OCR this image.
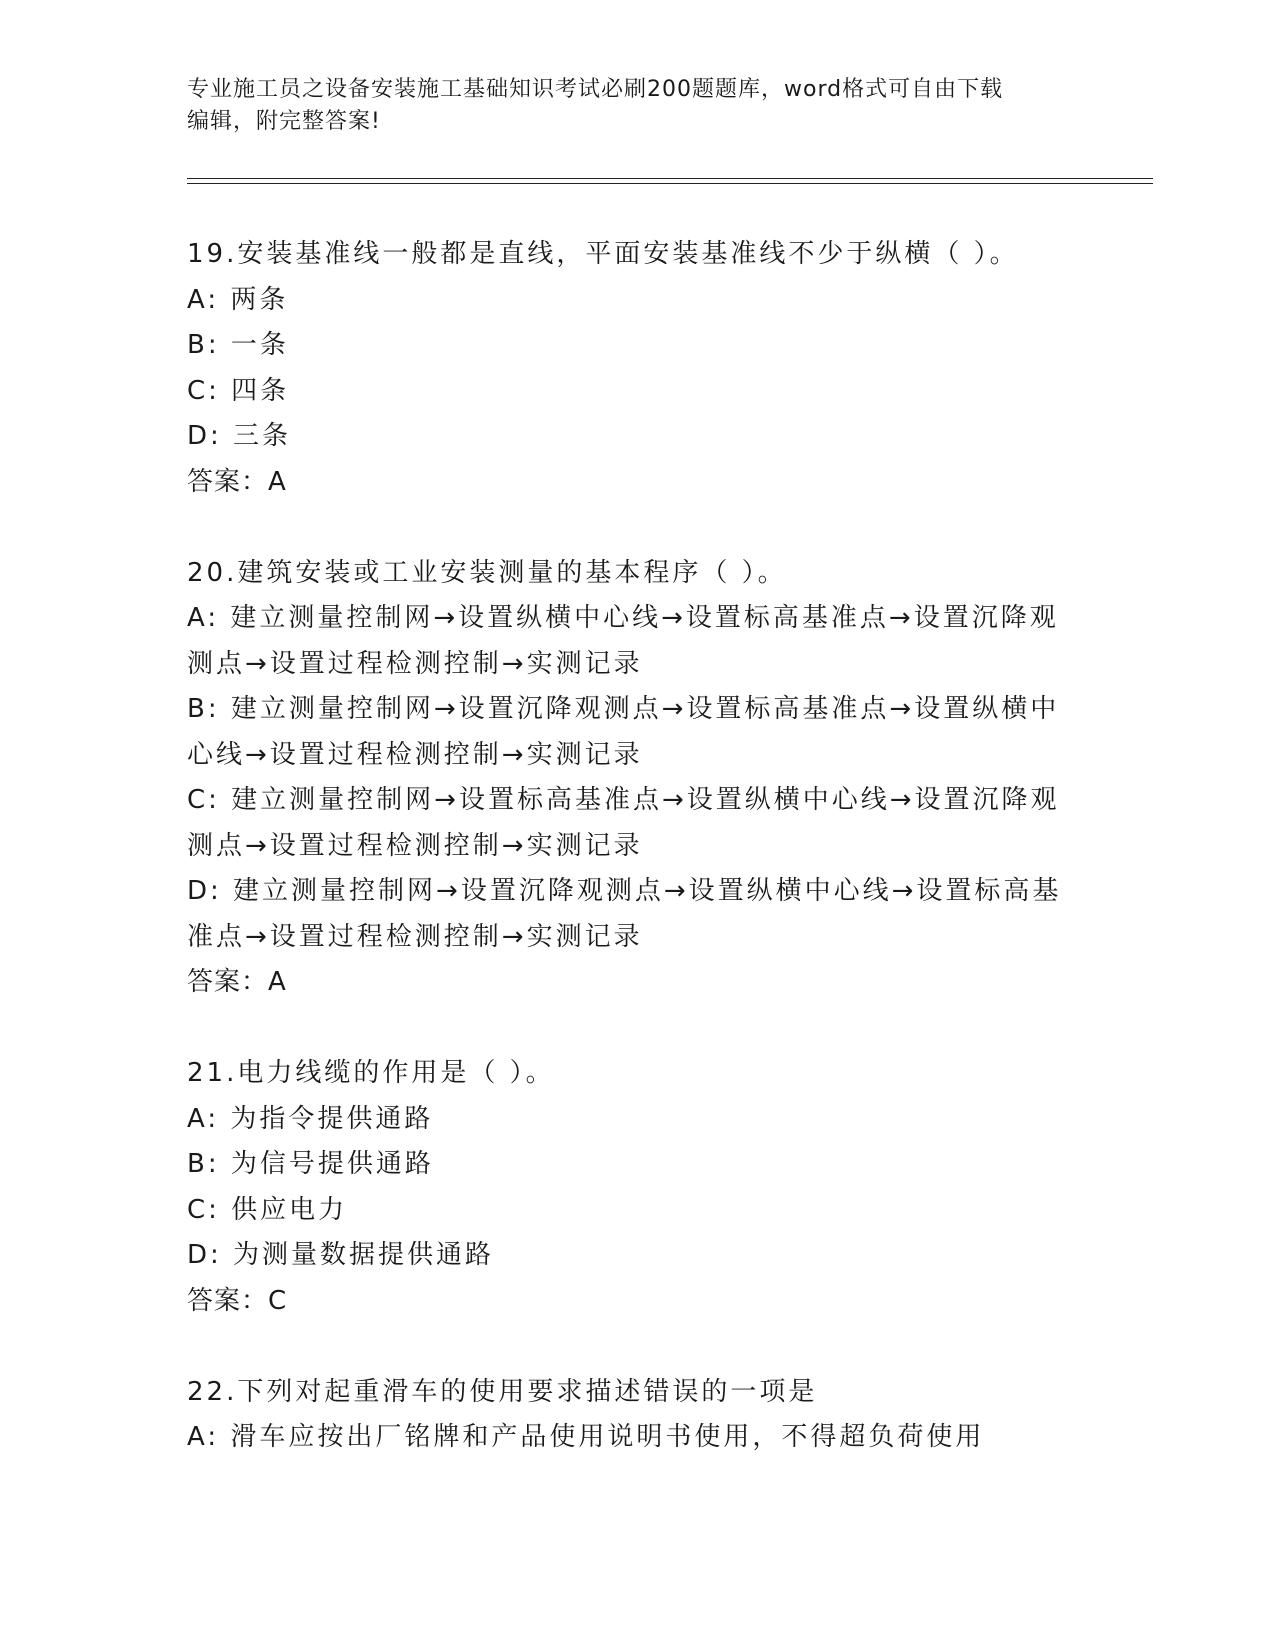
专业施工员之设备安装施工基础知识考试必刷200题题库，word格式可自由下载
编辑，附完整答案!

19.安装基准线一般都是直线，平面安装基准线不少于纵横（ ）。

A: 两条

B: 一条

C: 四条

D: 三条

答案：A

20.建筑安装或工业安装测量的基本程序（ ）。

A: 建立测量控制网→设置纵横中心线→设置标高基准点→设置沉降观

测点→设置过程检测控制→实测记录

B: 建立测量控制网→设置沉降观测点→设置标高基准点→设置纵横中

心线→设置过程检测控制→实测记录

C: 建立测量控制网→设置标高基准点→设置纵横中心线→设置沉降观

测点→设置过程检测控制→实测记录

D: 建立测量控制网→设置沉降观测点→设置纵横中心线→设置标高基

准点→设置过程检测控制→实测记录

答案：A

21.电力线缆的作用是（ ）。

A: 为指令提供通路

B: 为信号提供通路

C: 供应电力

D: 为测量数据提供通路

答案：C

22.下列对起重滑车的使用要求描述错误的一项是

A: 滑车应按出厂铭牌和产品使用说明书使用，不得超负荷使用
